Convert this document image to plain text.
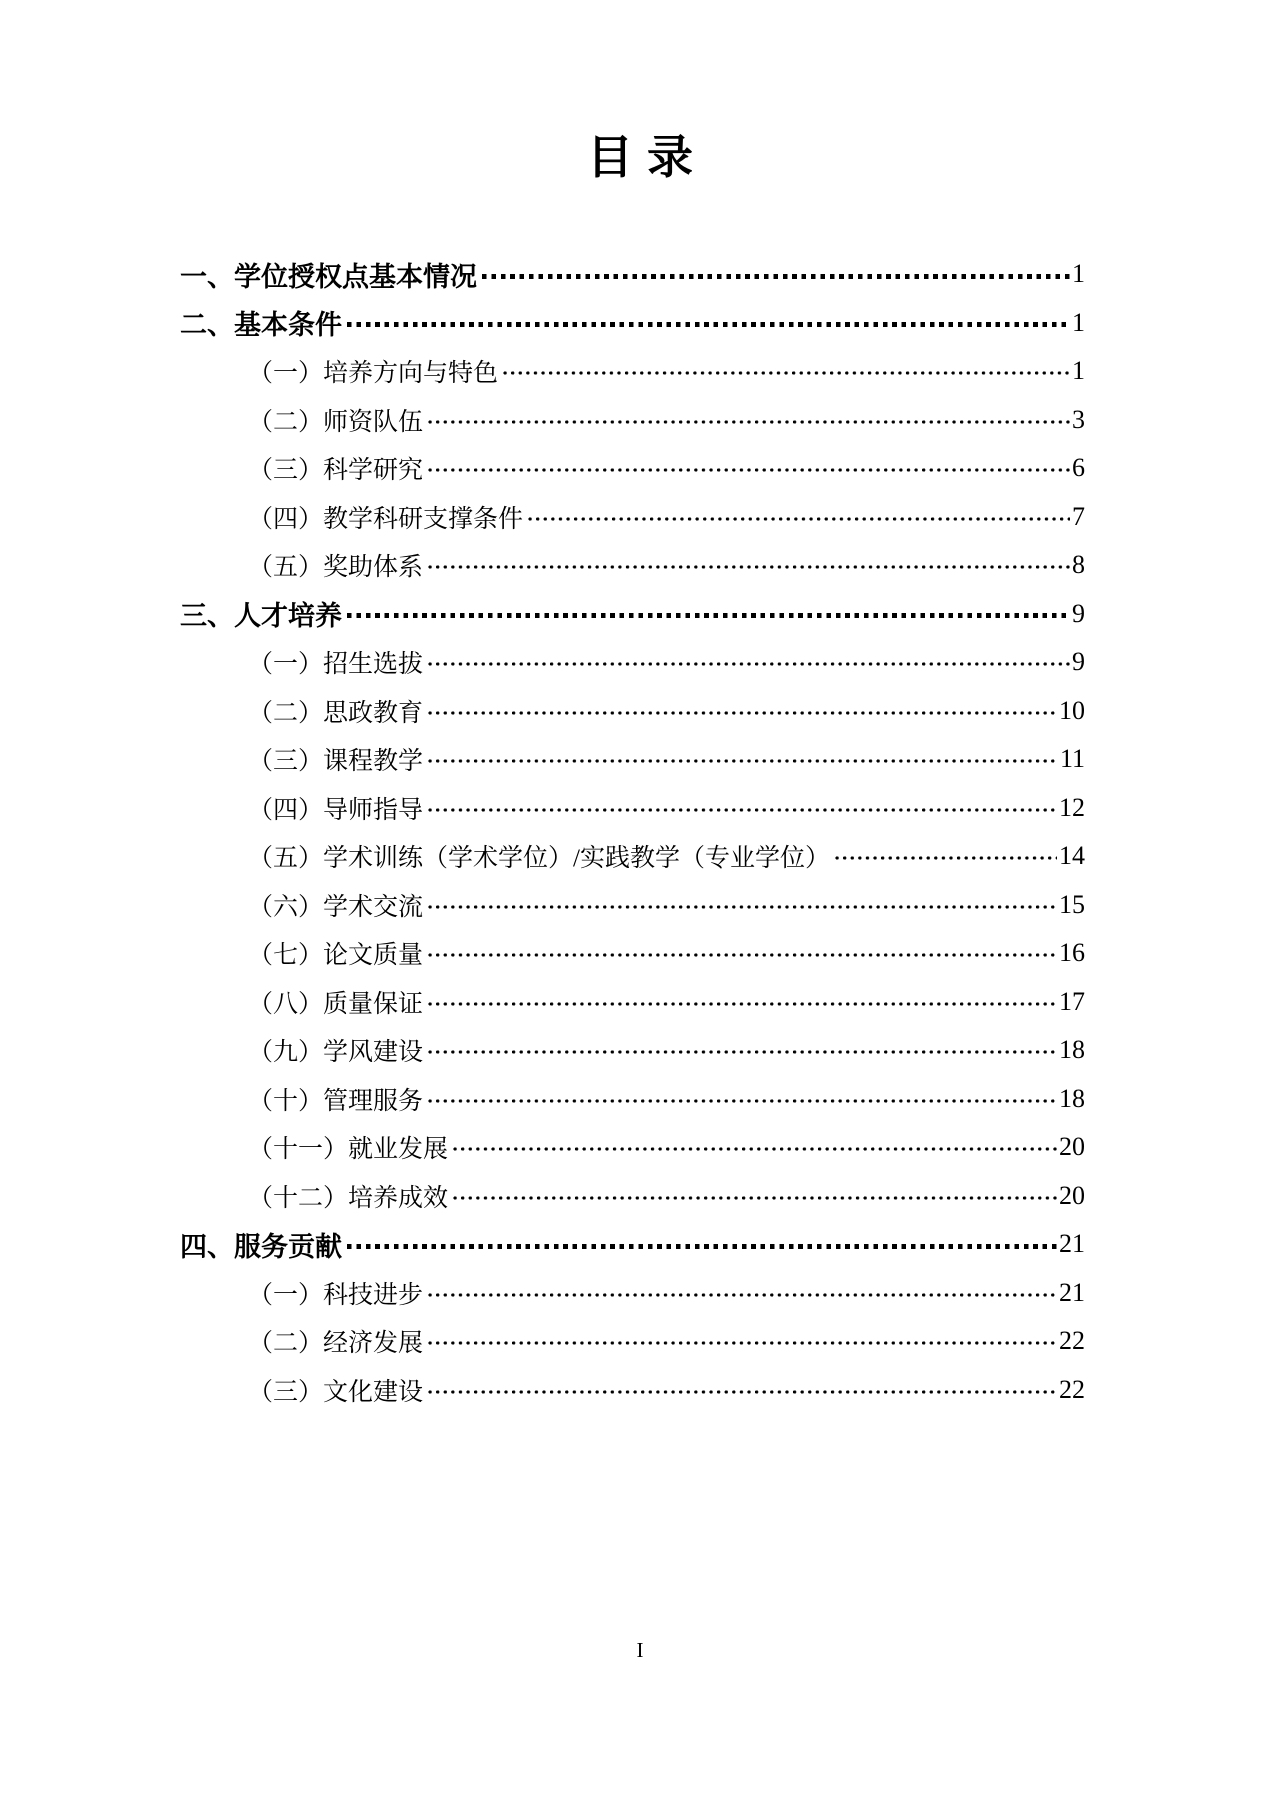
目录
一、学位授权点基本情况	1
二、基本条件	1
（一）培养方向与特色	1
（二）师资队伍	3
（三）科学研究	6
（四）教学科研支撑条件	7
（五）奖助体系	8
三、人才培养	9
（一）招生选拔	9
（二）思政教育	10
（三）课程教学	11
（四）导师指导	12
（五）学术训练（学术学位）/实践教学（专业学位）	14
（六）学术交流	15
（七）论文质量	16
（八）质量保证	17
（九）学风建设	18
（十）管理服务	18
（十一）就业发展	20
（十二）培养成效	20
四、服务贡献	21
（一）科技进步	21
（二）经济发展	22
（三）文化建设	22
I
